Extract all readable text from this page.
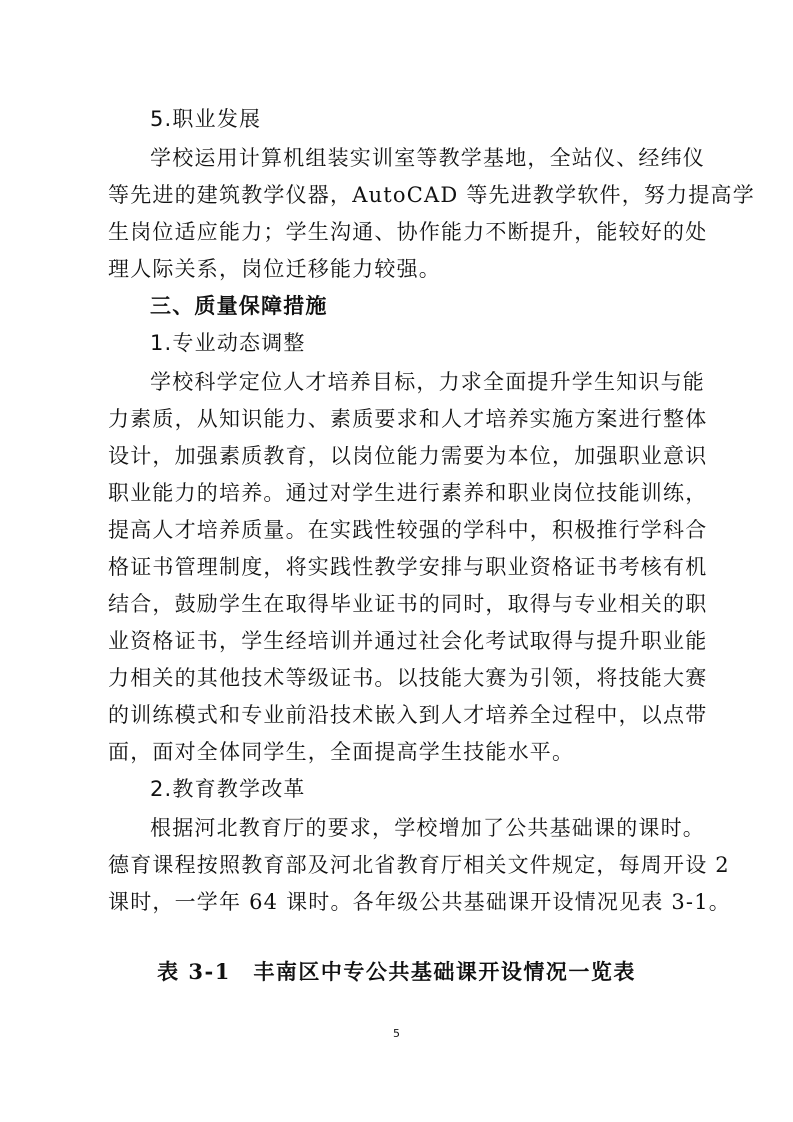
5.职业发展
学校运用计算机组装实训室等教学基地，全站仪、经纬仪
等先进的建筑教学仪器，AutoCAD 等先进教学软件，努力提高学
生岗位适应能力；学生沟通、协作能力不断提升，能较好的处
理人际关系，岗位迁移能力较强。
三、质量保障措施
1.专业动态调整
学校科学定位人才培养目标，力求全面提升学生知识与能
力素质，从知识能力、素质要求和人才培养实施方案进行整体
设计，加强素质教育，以岗位能力需要为本位，加强职业意识
职业能力的培养。通过对学生进行素养和职业岗位技能训练，
提高人才培养质量。在实践性较强的学科中，积极推行学科合
格证书管理制度，将实践性教学安排与职业资格证书考核有机
结合，鼓励学生在取得毕业证书的同时，取得与专业相关的职
业资格证书，学生经培训并通过社会化考试取得与提升职业能
力相关的其他技术等级证书。以技能大赛为引领，将技能大赛
的训练模式和专业前沿技术嵌入到人才培养全过程中，以点带
面，面对全体同学生，全面提高学生技能水平。
2.教育教学改革
根据河北教育厅的要求，学校增加了公共基础课的课时。
德育课程按照教育部及河北省教育厅相关文件规定，每周开设 2
课时，一学年 64 课时。各年级公共基础课开设情况见表 3-1。
表 3-1　丰南区中专公共基础课开设情况一览表
5
